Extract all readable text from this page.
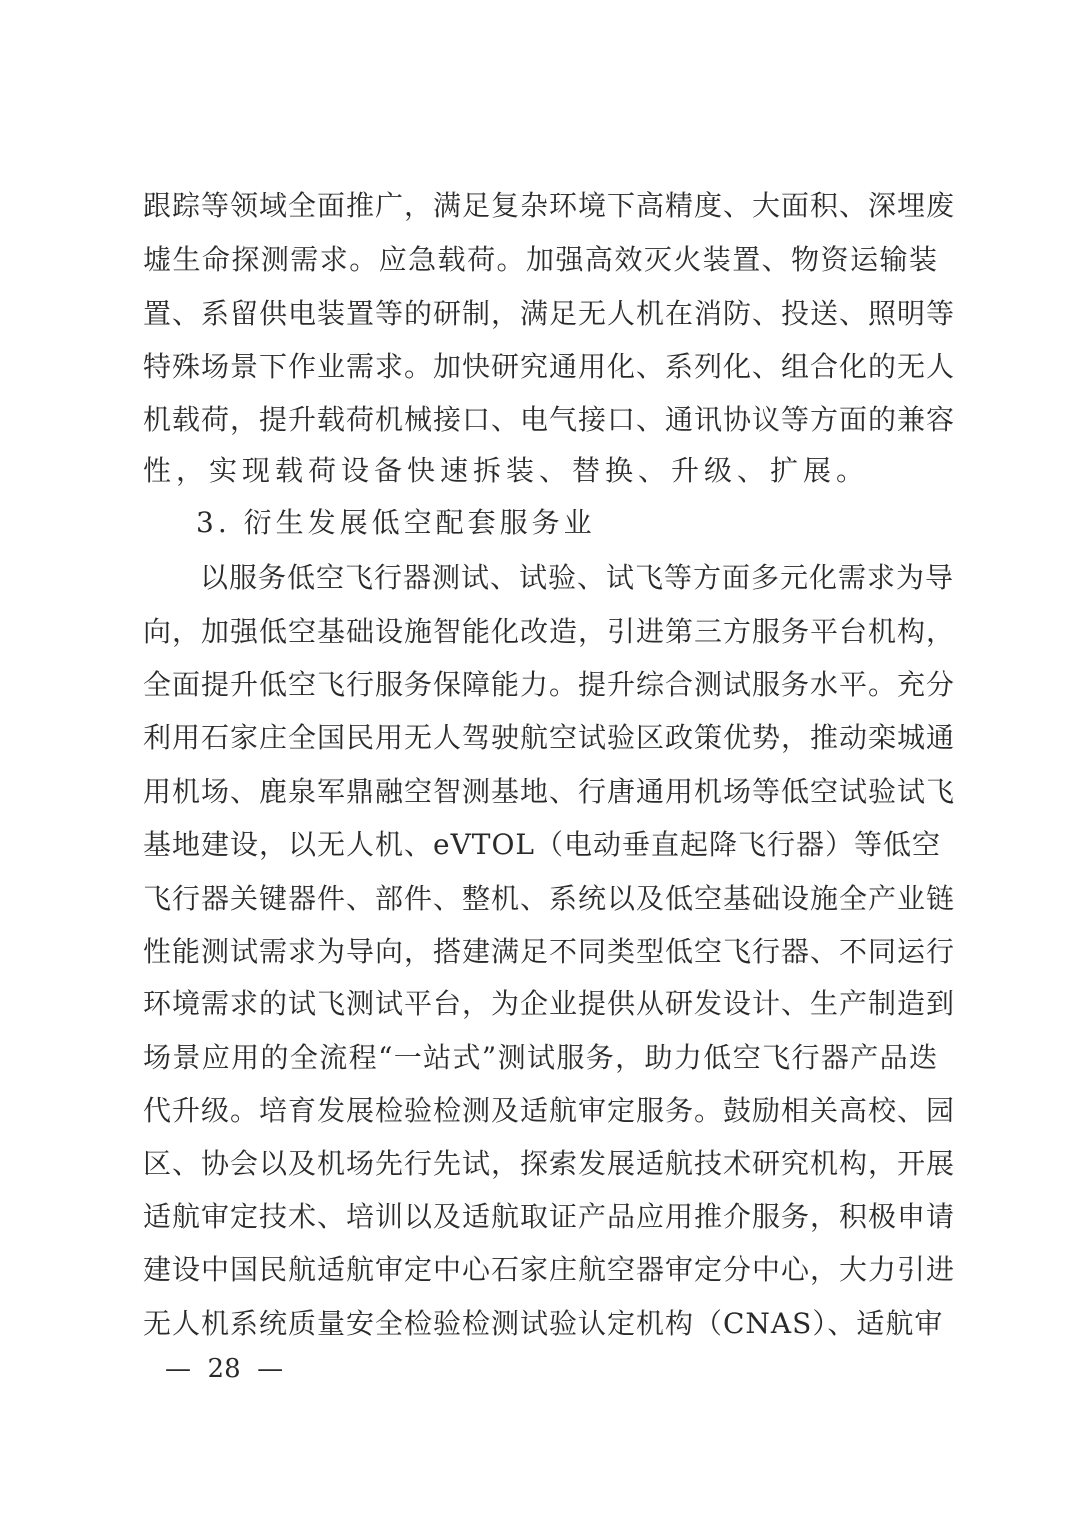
跟踪等领域全面推广，满足复杂环境下高精度、大面积、深埋废
墟生命探测需求。应急载荷。加强高效灭火装置、物资运输装
置、系留供电装置等的研制，满足无人机在消防、投送、照明等
特殊场景下作业需求。加快研究通用化、系列化、组合化的无人
机载荷，提升载荷机械接口、电气接口、通讯协议等方面的兼容
性，实现载荷设备快速拆装、替换、升级、扩展。
3. 衍生发展低空配套服务业
以服务低空飞行器测试、试验、试飞等方面多元化需求为导
向，加强低空基础设施智能化改造，引进第三方服务平台机构，
全面提升低空飞行服务保障能力。提升综合测试服务水平。充分
利用石家庄全国民用无人驾驶航空试验区政策优势，推动栾城通
用机场、鹿泉军鼎融空智测基地、行唐通用机场等低空试验试飞
基地建设，以无人机、eVTOL（电动垂直起降飞行器）等低空
飞行器关键器件、部件、整机、系统以及低空基础设施全产业链
性能测试需求为导向，搭建满足不同类型低空飞行器、不同运行
环境需求的试飞测试平台，为企业提供从研发设计、生产制造到
场景应用的全流程“一站式”测试服务，助力低空飞行器产品迭
代升级。培育发展检验检测及适航审定服务。鼓励相关高校、园
区、协会以及机场先行先试，探索发展适航技术研究机构，开展
适航审定技术、培训以及适航取证产品应用推介服务，积极申请
建设中国民航适航审定中心石家庄航空器审定分中心，大力引进
无人机系统质量安全检验检测试验认定机构（CNAS）、适航审
—  28  —
